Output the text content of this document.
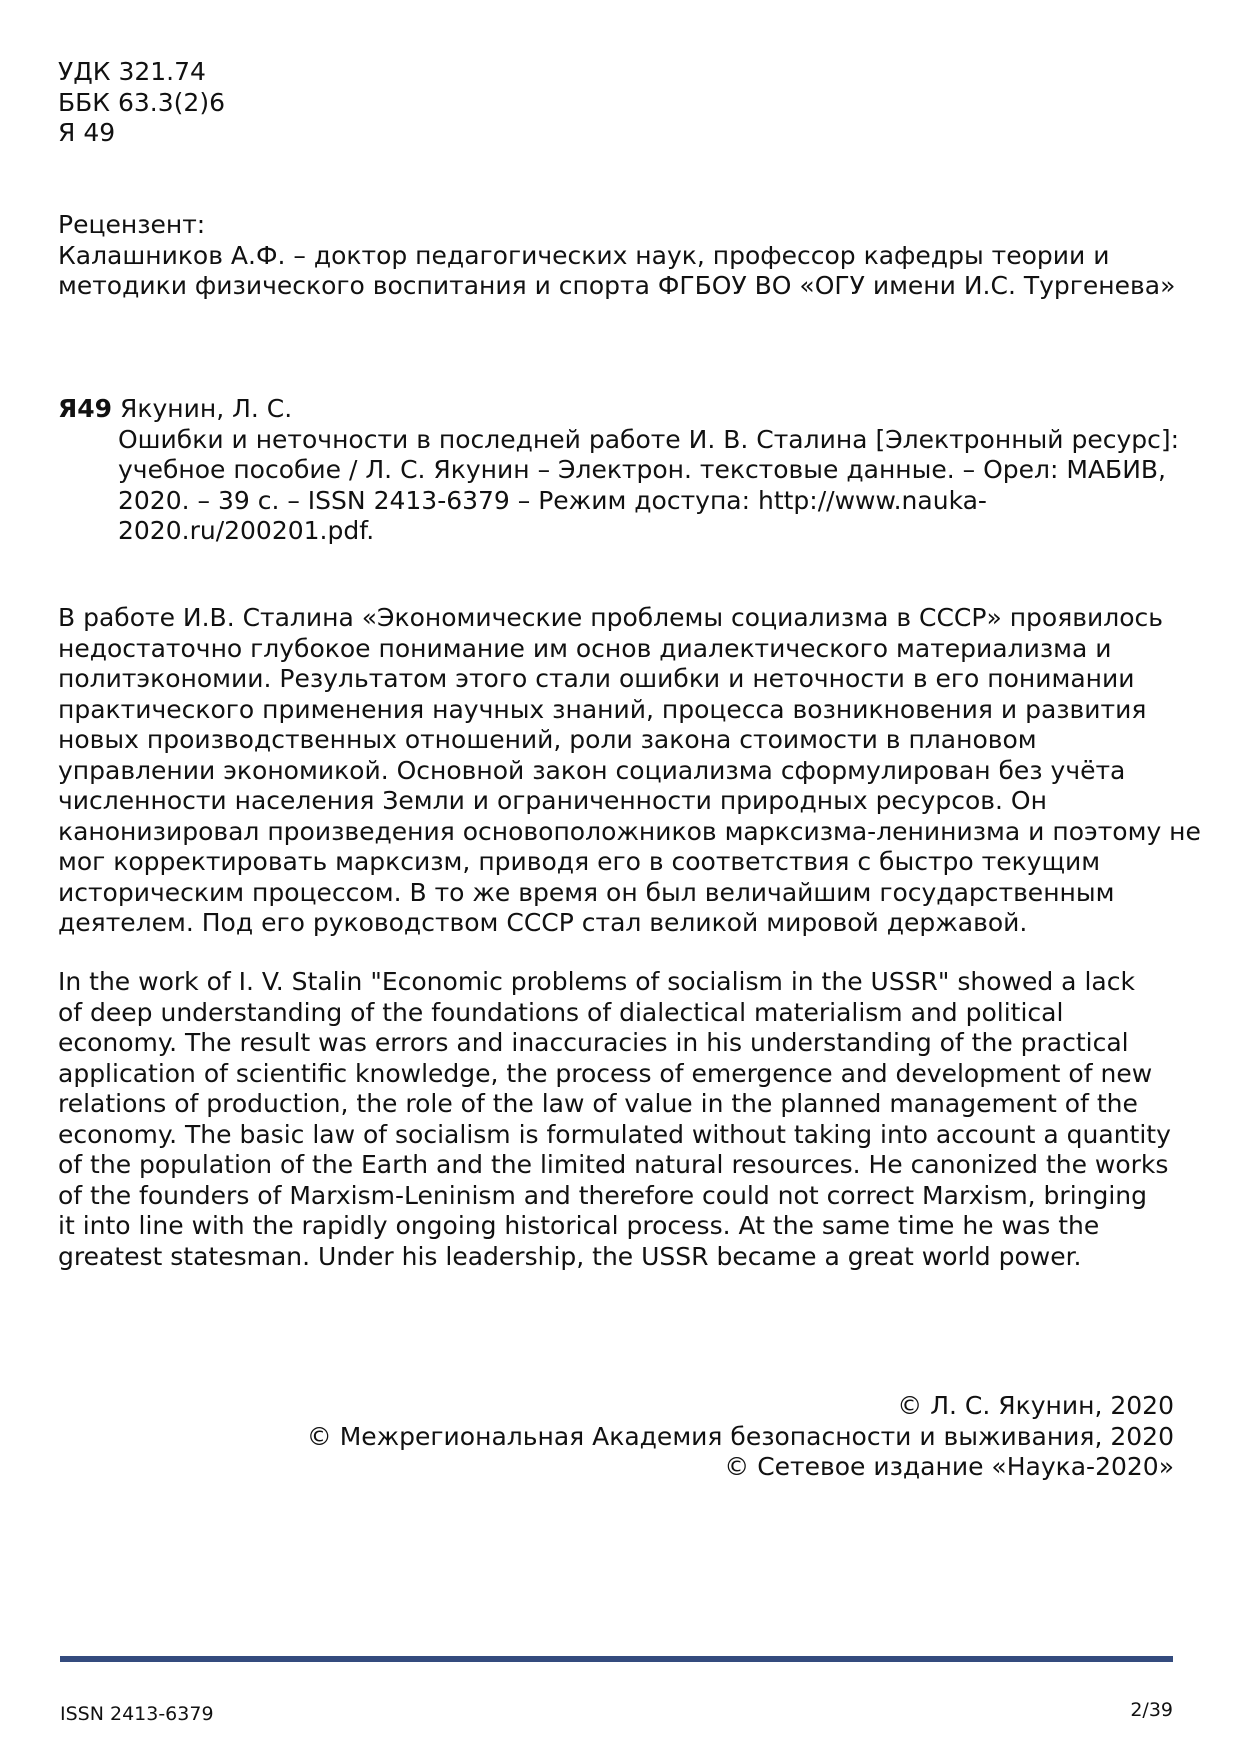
УДК 321.74
ББК 63.3(2)6
Я 49
Рецензент:
Калашников А.Ф. – доктор педагогических наук, профессор кафедры теории и
методики физического воспитания и спорта ФГБОУ ВО «ОГУ имени И.С. Тургенева»
Я49 Якунин, Л. С.
Ошибки и неточности в последней работе И. В. Сталина [Электронный ресурс]:
учебное пособие / Л. С. Якунин – Электрон. текстовые данные. – Орел: МАБИВ,
2020. – 39 с. – ISSN 2413-6379 – Режим доступа: http://www.nauka-
2020.ru/200201.pdf.
В работе И.В. Сталина «Экономические проблемы социализма в СССР» проявилось
недостаточно глубокое понимание им основ диалектического материализма и
политэкономии. Результатом этого стали ошибки и неточности в его понимании
практического применения научных знаний, процесса возникновения и развития
новых производственных отношений, роли закона стоимости в плановом
управлении экономикой. Основной закон социализма сформулирован без учёта
численности населения Земли и ограниченности природных ресурсов. Он
канонизировал произведения основоположников марксизма-ленинизма и поэтому не
мог корректировать марксизм, приводя его в соответствия с быстро текущим
историческим процессом. В то же время он был величайшим государственным
деятелем. Под его руководством СССР стал великой мировой державой.
In the work of I. V. Stalin "Economic problems of socialism in the USSR" showed a lack
of deep understanding of the foundations of dialectical materialism and political
economy. The result was errors and inaccuracies in his understanding of the practical
application of scientific knowledge, the process of emergence and development of new
relations of production, the role of the law of value in the planned management of the
economy. The basic law of socialism is formulated without taking into account a quantity
of the population of the Earth and the limited natural resources. He canonized the works
of the founders of Marxism-Leninism and therefore could not correct Marxism, bringing
it into line with the rapidly ongoing historical process. At the same time he was the
greatest statesman. Under his leadership, the USSR became a great world power.
© Л. С. Якунин, 2020
© Межрегиональная Академия безопасности и выживания, 2020
© Сетевое издание «Наука-2020»
ISSN 2413-6379	2/39
